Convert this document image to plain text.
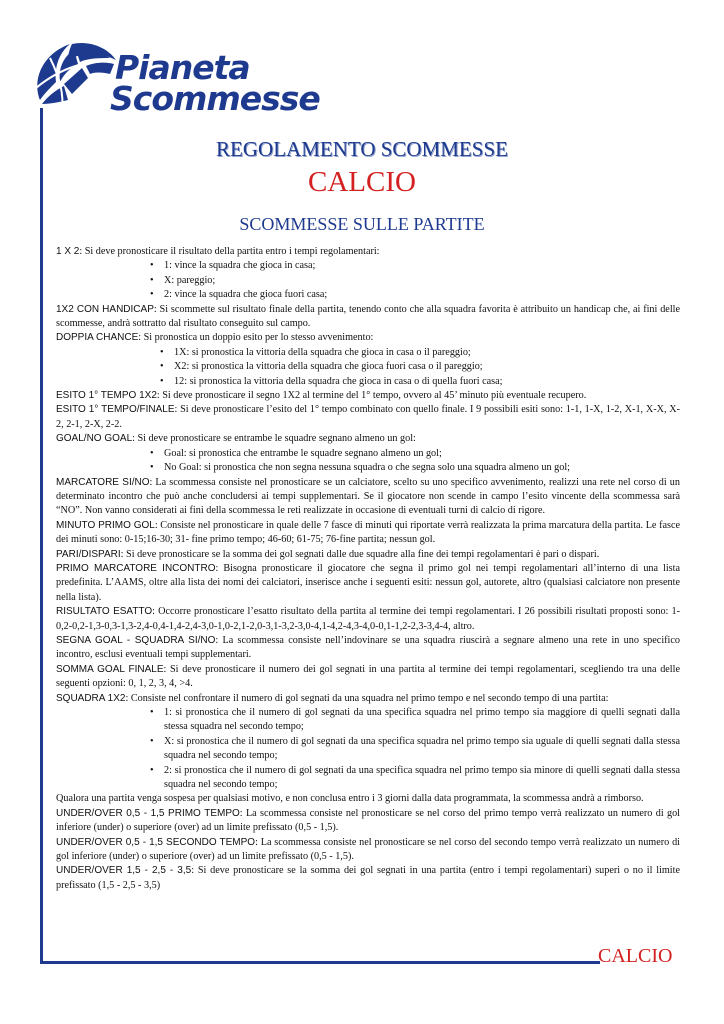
Pianeta
Scommesse
REGOLAMENTO SCOMMESSE
CALCIO
SCOMMESSE SULLE PARTITE

1 X 2: Si deve pronosticare il risultato della partita entro i tempi regolamentari:

• 1: vince la squadra che gioca in casa;
• X: pareggio;
• 2: vince la squadra che gioca fuori casa;

1X2 CON HANDICAP: Si scommette sul risultato finale della partita, tenendo conto che alla squadra favorita è attribuito un handicap che, ai fini delle scommesse, andrà sottratto dal risultato conseguito sul campo.

DOPPIA CHANCE: Si pronostica un doppio esito per lo stesso avvenimento:

• 1X: si pronostica la vittoria della squadra che gioca in casa o il pareggio;
• X2: si pronostica la vittoria della squadra che gioca fuori casa o il pareggio;
• 12: si pronostica la vittoria della squadra che gioca in casa o di quella fuori casa;

ESITO 1° TEMPO 1X2: Si deve pronosticare il segno 1X2 al termine del 1° tempo, ovvero al 45’ minuto più eventuale recupero.

ESITO 1° TEMPO/FINALE: Si deve pronosticare l’esito del 1° tempo combinato con quello finale. I 9 possibili esiti sono: 1-1, 1-X, 1-2, X-1, X-X, X-2, 2-1, 2-X, 2-2.

GOAL/NO GOAL: Si deve pronosticare se entrambe le squadre segnano almeno un gol:

• Goal: si pronostica che entrambe le squadre segnano almeno un gol;
• No Goal: si pronostica che non segna nessuna squadra o che segna solo una squadra almeno un gol;

MARCATORE SI/NO: La scommessa consiste nel pronosticare se un calciatore, scelto su uno specifico avvenimento, realizzi una rete nel corso di un determinato incontro che può anche concludersi ai tempi supplementari. Se il giocatore non scende in campo l’esito vincente della scommessa sarà “NO”. Non vanno considerati ai fini della scommessa le reti realizzate in occasione di eventuali turni di calcio di rigore.

MINUTO PRIMO GOL: Consiste nel pronosticare in quale delle 7 fasce di minuti qui riportate verrà realizzata la prima marcatura della partita. Le fasce dei minuti sono: 0-15;16-30; 31- fine primo tempo; 46-60; 61-75; 76-fine partita; nessun gol.

PARI/DISPARI: Si deve pronosticare se la somma dei gol segnati dalle due squadre alla fine dei tempi regolamentari è pari o dispari.

PRIMO MARCATORE INCONTRO: Bisogna pronosticare il giocatore che segna il primo gol nei tempi regolamentari all’interno di una lista predefinita. L’AAMS, oltre alla lista dei nomi dei calciatori, inserisce anche i seguenti esiti: nessun gol, autorete, altro (qualsiasi calciatore non presente nella lista).

RISULTATO ESATTO: Occorre pronosticare l’esatto risultato della partita al termine dei tempi regolamentari. I 26 possibili risultati proposti sono: 1-0,2-0,2-1,3-0,3-1,3-2,4-0,4-1,4-2,4-3,0-1,0-2,1-2,0-3,1-3,2-3,0-4,1-4,2-4,3-4,0-0,1-1,2-2,3-3,4-4, altro.

SEGNA GOAL - SQUADRA SI/NO: La scommessa consiste nell’indovinare se una squadra riuscirà a segnare almeno una rete in uno specifico incontro, esclusi eventuali tempi supplementari.

SOMMA GOAL FINALE: Si deve pronosticare il numero dei gol segnati in una partita al termine dei tempi regolamentari, scegliendo tra una delle seguenti opzioni: 0, 1, 2, 3, 4, >4.

SQUADRA 1X2: Consiste nel confrontare il numero di gol segnati da una squadra nel primo tempo e nel secondo tempo di una partita:

• 1: si pronostica che il numero di gol segnati da una specifica squadra nel primo tempo sia maggiore di quelli segnati dalla stessa squadra nel secondo tempo;
• X: si pronostica che il numero di gol segnati da una specifica squadra nel primo tempo sia uguale di quelli segnati dalla stessa squadra nel secondo tempo;
• 2: si pronostica che il numero di gol segnati da una specifica squadra nel primo tempo sia minore di quelli segnati dalla stessa squadra nel secondo tempo;

Qualora una partita venga sospesa per qualsiasi motivo, e non conclusa entro i 3 giorni dalla data programmata, la scommessa andrà a rimborso.

UNDER/OVER 0,5 - 1,5 PRIMO TEMPO: La scommessa consiste nel pronosticare se nel corso del primo tempo verrà realizzato un numero di gol inferiore (under) o superiore (over) ad un limite prefissato (0,5 - 1,5).

UNDER/OVER 0,5 - 1,5 SECONDO TEMPO: La scommessa consiste nel pronosticare se nel corso del secondo tempo verrà realizzato un numero di gol inferiore (under) o superiore (over) ad un limite prefissato (0,5 - 1,5).

UNDER/OVER 1,5 - 2,5 - 3,5: Si deve pronosticare se la somma dei gol segnati in una partita (entro i tempi regolamentari) superi o no il limite prefissato (1,5 - 2,5 - 3,5)

CALCIO
